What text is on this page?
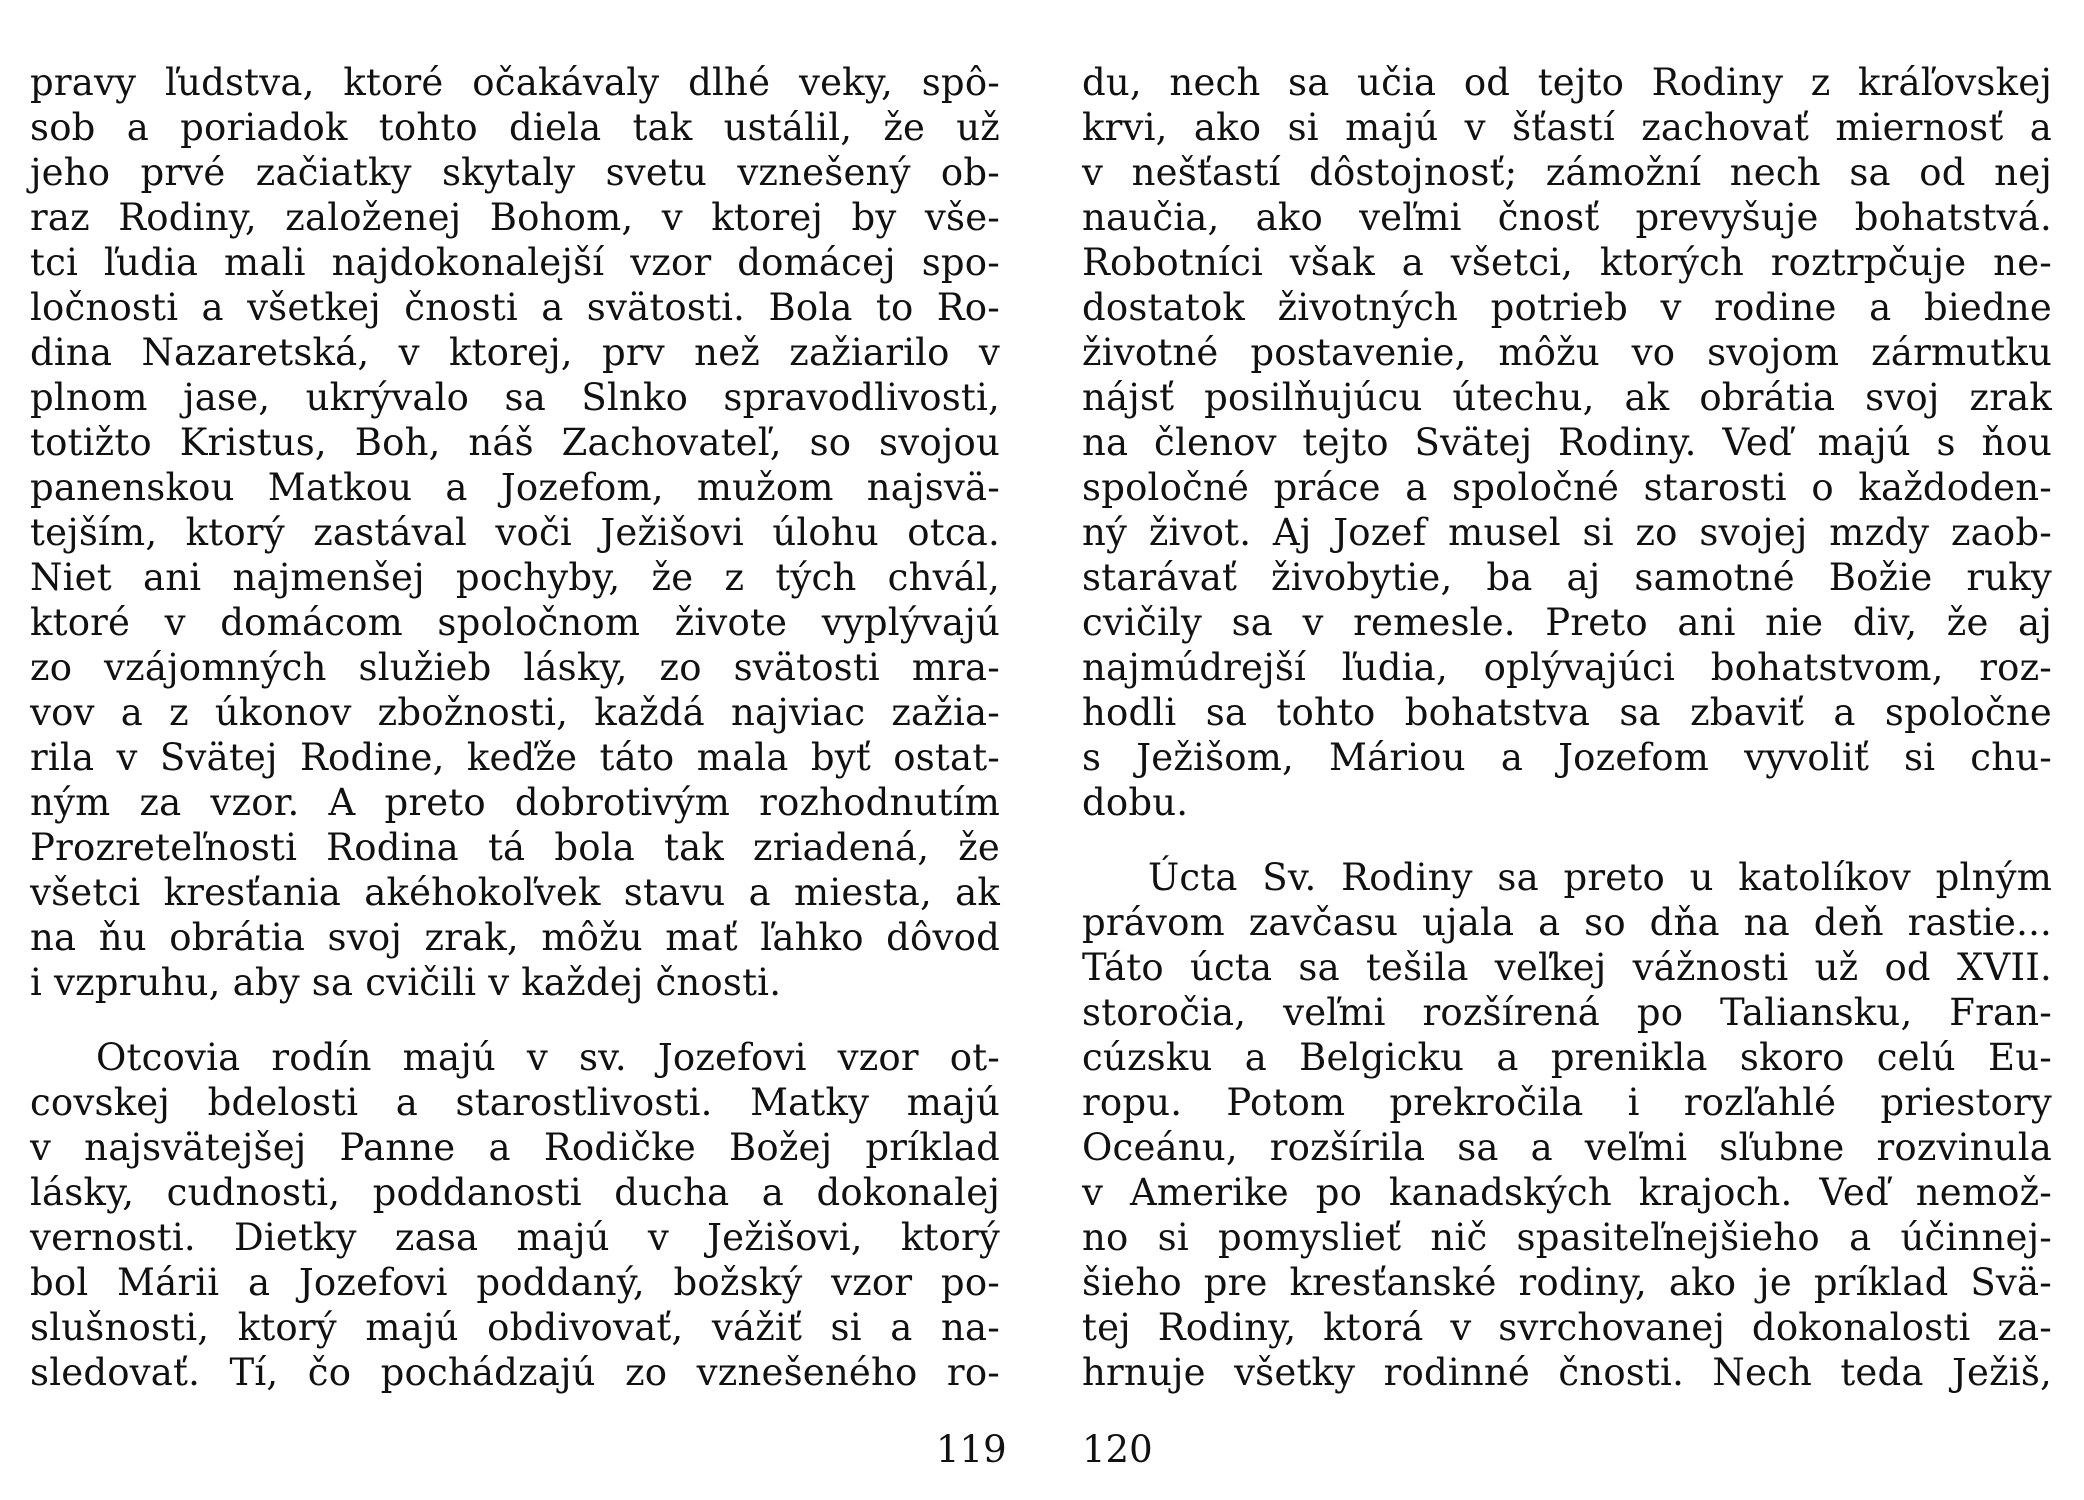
pravy ľudstva, ktoré očakávaly dlhé veky, spô-
sob a poriadok tohto diela tak ustálil, že už
jeho prvé začiatky skytaly svetu vznešený ob-
raz Rodiny, založenej Bohom, v ktorej by vše-
tci ľudia mali najdokonalejší vzor domácej spo-
ločnosti a všetkej čnosti a svätosti. Bola to Ro-
dina Nazaretská, v ktorej, prv než zažiarilo v
plnom jase, ukrývalo sa Slnko spravodlivosti,
totižto Kristus, Boh, náš Zachovateľ, so svojou
panenskou Matkou a Jozefom, mužom najsvä-
tejším, ktorý zastával voči Ježišovi úlohu otca.
Niet ani najmenšej pochyby, že z tých chvál,
ktoré v domácom spoločnom živote vyplývajú
zo vzájomných služieb lásky, zo svätosti mra-
vov a z úkonov zbožnosti, každá najviac zažia-
rila v Svätej Rodine, keďže táto mala byť ostat-
ným za vzor. A preto dobrotivým rozhodnutím
Prozreteľnosti Rodina tá bola tak zriadená, že
všetci kresťania akéhokoľvek stavu a miesta, ak
na ňu obrátia svoj zrak, môžu mať ľahko dôvod
i vzpruhu, aby sa cvičili v každej čnosti.
Otcovia rodín majú v sv. Jozefovi vzor ot-
covskej bdelosti a starostlivosti. Matky majú
v najsvätejšej Panne a Rodičke Božej príklad
lásky, cudnosti, poddanosti ducha a dokonalej
vernosti. Dietky zasa majú v Ježišovi, ktorý
bol Márii a Jozefovi poddaný, božský vzor po-
slušnosti, ktorý majú obdivovať, vážiť si a na-
sledovať. Tí, čo pochádzajú zo vznešeného ro-
du, nech sa učia od tejto Rodiny z kráľovskej
krvi, ako si majú v šťastí zachovať miernosť a
v nešťastí dôstojnosť; zámožní nech sa od nej
naučia, ako veľmi čnosť prevyšuje bohatstvá.
Robotníci však a všetci, ktorých roztrpčuje ne-
dostatok životných potrieb v rodine a biedne
životné postavenie, môžu vo svojom zármutku
nájsť posilňujúcu útechu, ak obrátia svoj zrak
na členov tejto Svätej Rodiny. Veď majú s ňou
spoločné práce a spoločné starosti o každoden-
ný život. Aj Jozef musel si zo svojej mzdy zaob-
starávať živobytie, ba aj samotné Božie ruky
cvičily sa v remesle. Preto ani nie div, že aj
najmúdrejší ľudia, oplývajúci bohatstvom, roz-
hodli sa tohto bohatstva sa zbaviť a spoločne
s Ježišom, Máriou a Jozefom vyvoliť si chu-
dobu.
Úcta Sv. Rodiny sa preto u katolíkov plným
právom zavčasu ujala a so dňa na deň rastie...
Táto úcta sa tešila veľkej vážnosti už od XVII.
storočia, veľmi rozšírená po Taliansku, Fran-
cúzsku a Belgicku a prenikla skoro celú Eu-
ropu. Potom prekročila i rozľahlé priestory
Oceánu, rozšírila sa a veľmi sľubne rozvinula
v Amerike po kanadských krajoch. Veď nemož-
no si pomyslieť nič spasiteľnejšieho a účinnej-
šieho pre kresťanské rodiny, ako je príklad Svä-
tej Rodiny, ktorá v svrchovanej dokonalosti za-
hrnuje všetky rodinné čnosti. Nech teda Ježiš,
119 120
